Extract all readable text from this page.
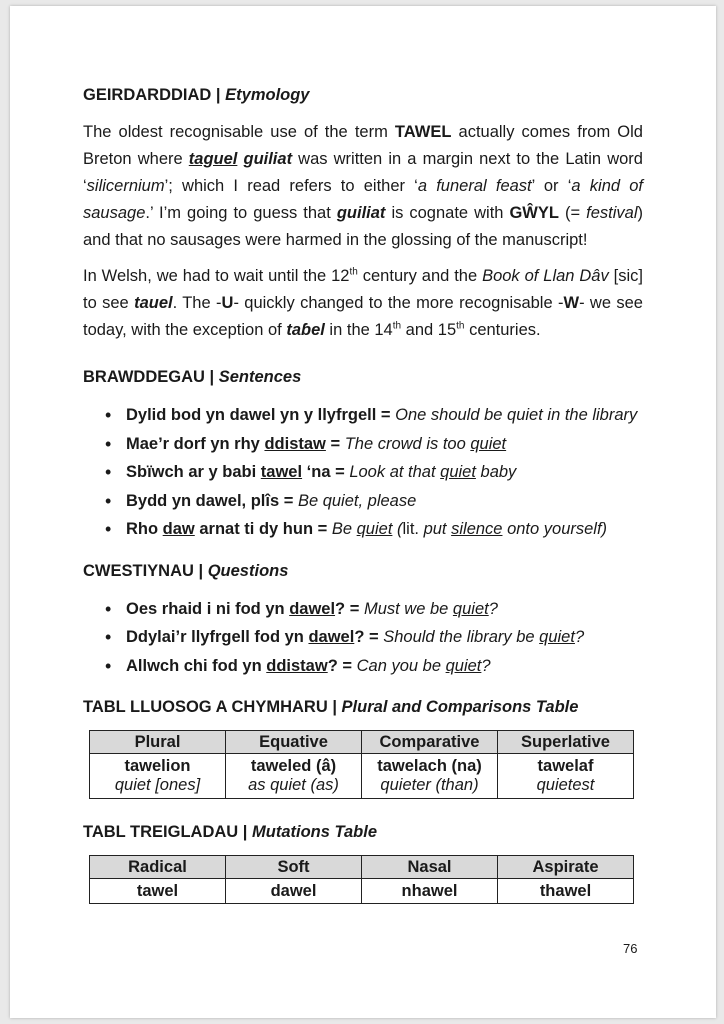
GEIRDARDDIAD | Etymology

The oldest recognisable use of the term TAWEL actually comes from Old Breton where taguel guiliat was written in a margin next to the Latin word ‘silicernium’; which I read refers to either ‘a funeral feast’ or ‘a kind of sausage.’ I’m going to guess that guiliat is cognate with GŴYL (= festival) and that no sausages were harmed in the glossing of the manuscript!

In Welsh, we had to wait until the 12th century and the Book of Llan Dâv [sic] to see tauel. The -U- quickly changed to the more recognisable -W- we see today, with the exception of taɓel in the 14th and 15th centuries.

BRAWDDEGAU | Sentences
• Dylid bod yn dawel yn y llyfrgell = One should be quiet in the library
• Mae’r dorf yn rhy ddistaw = The crowd is too quiet
• Sbïwch ar y babi tawel ‘na = Look at that quiet baby
• Bydd yn dawel, plîs = Be quiet, please
• Rho daw arnat ti dy hun = Be quiet (lit. put silence onto yourself)
CWESTIYNAU | Questions
• Oes rhaid i ni fod yn dawel? = Must we be quiet?
• Ddylai’r llyfrgell fod yn dawel? = Should the library be quiet?
• Allwch chi fod yn ddistaw? = Can you be quiet?
TABL LLUOSOG A CHYMHARU | Plural and Comparisons Table
Plural	Equative	Comparative	Superlative

tawelion	taweled (â)	tawelach (na)	tawelaf

quiet [ones]	as quiet (as)	quieter (than)	quietest
TABL TREIGLADAU | Mutations Table
Radical	Soft	Nasal	Aspirate

tawel	dawel	nhawel	thawel
76
